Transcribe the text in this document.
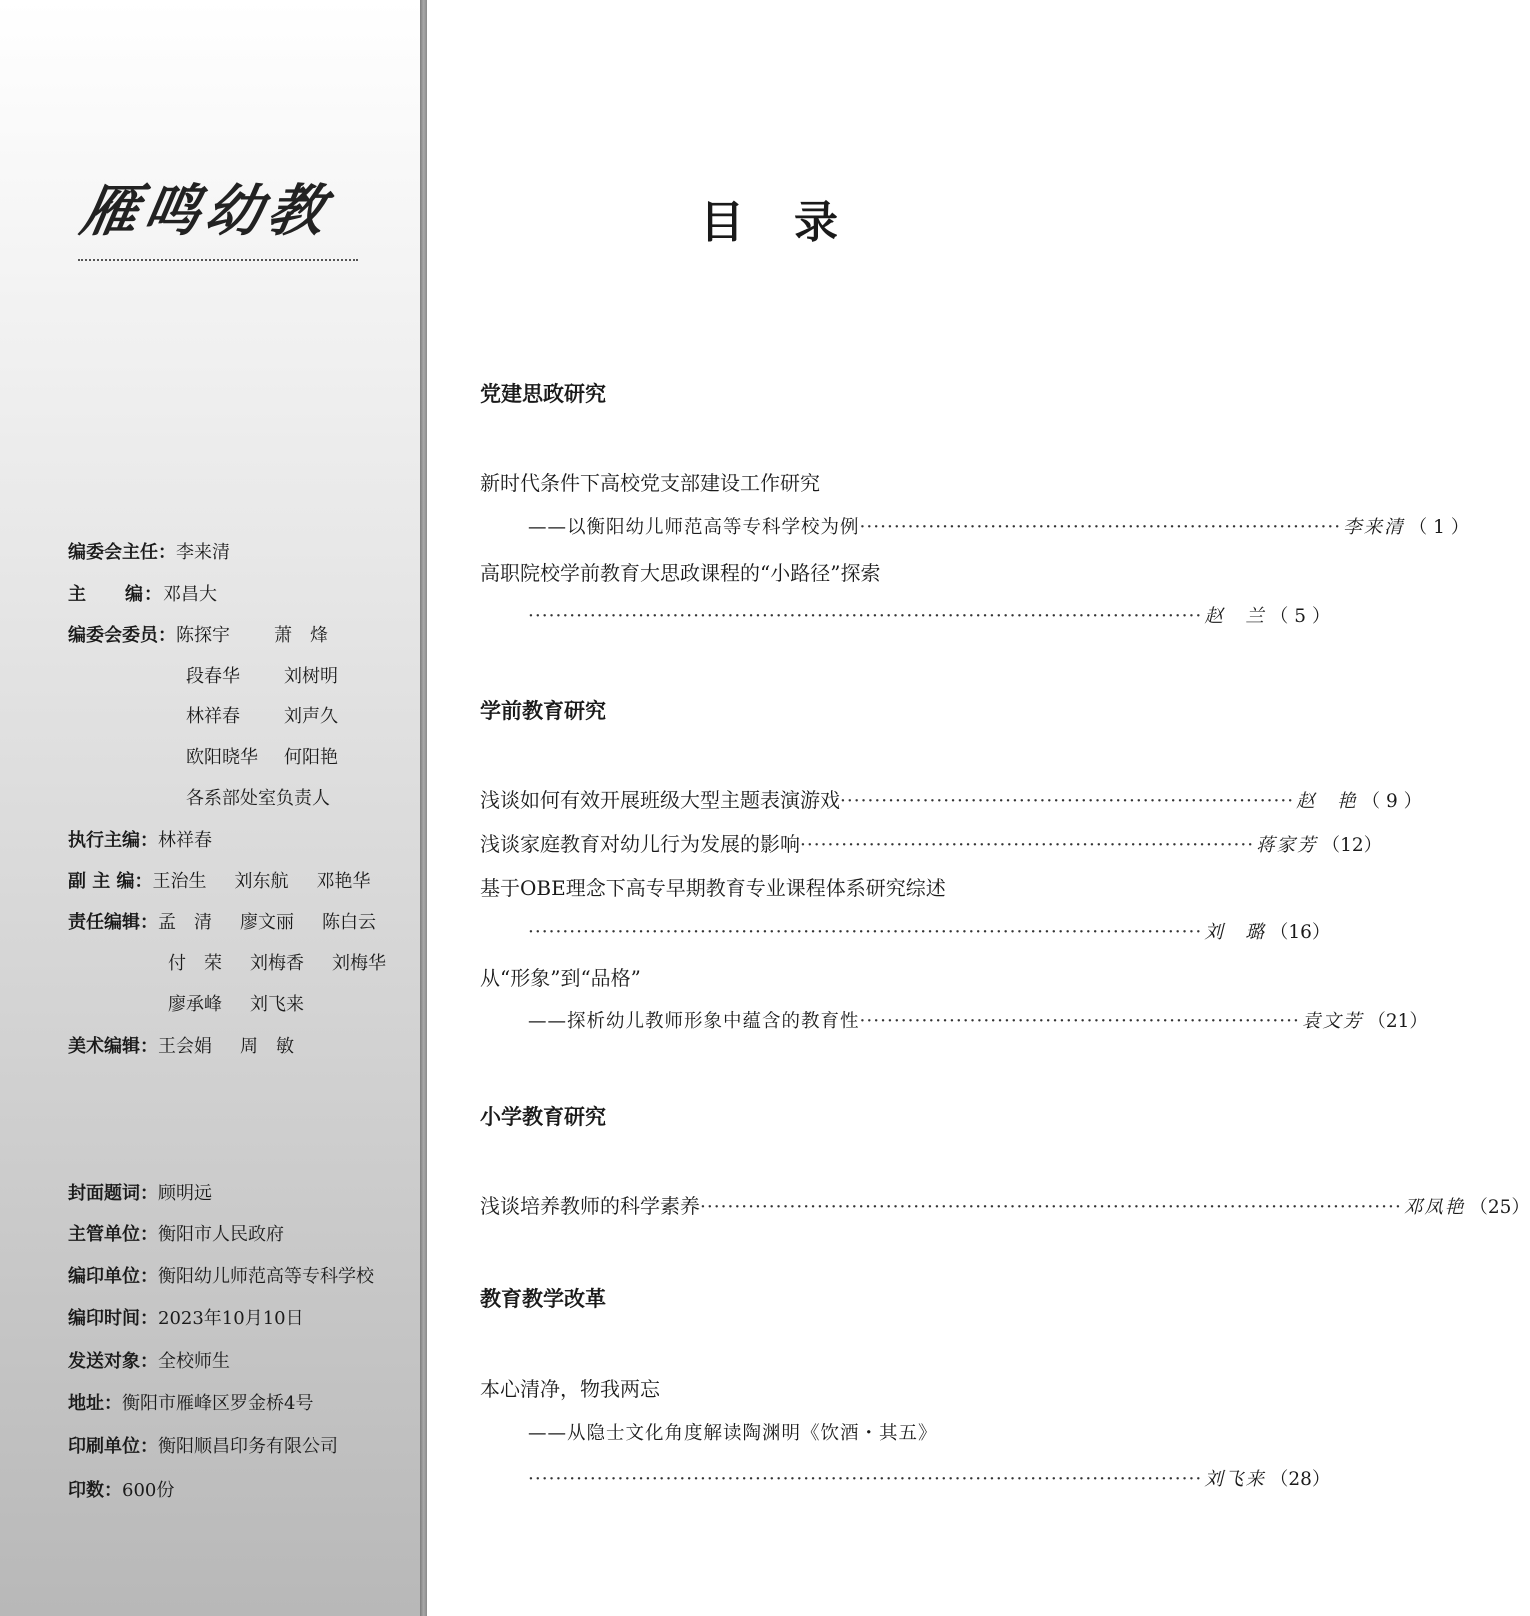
雁鸣幼教
编委会主任：李来清
主　　编：邓昌大
编委会委员：陈探宇 萧　烽
段春华 刘树明
林祥春 刘声久
欧阳晓华 何阳艳
各系部处室负责人
执行主编：林祥春
副 主 编：王治生 刘东航 邓艳华
责任编辑：孟　清 廖文丽 陈白云
付　荣 刘梅香 刘梅华
廖承峰 刘飞来
美术编辑：王会娟 周　敏
封面题词：顾明远
主管单位：衡阳市人民政府
编印单位：衡阳幼儿师范高等专科学校
编印时间：2023年10月10日
发送对象：全校师生
地址：衡阳市雁峰区罗金桥4号
印刷单位：衡阳顺昌印务有限公司
印数：600份
目录
党建思政研究
新时代条件下高校党支部建设工作研究
——以衡阳幼儿师范高等专科学校为例 ······································································ 李来清 （ 1 ）
高职院校学前教育大思政课程的“小路径”探索
·································································································· 赵　兰 （ 5 ）
学前教育研究
浅谈如何有效开展班级大型主题表演游戏 ·································································· 赵　艳 （ 9 ）
浅谈家庭教育对幼儿行为发展的影响 ·································································· 蒋家芳 （12）
基于OBE理念下高专早期教育专业课程体系研究综述
·································································································· 刘　璐 （16）
从“形象”到“品格”
——探析幼儿教师形象中蕴含的教育性 ································································ 袁文芳 （21）
小学教育研究
浅谈培养教师的科学素养 ······································································································ 邓凤艳 （25）
教育教学改革
本心清净，物我两忘
——从隐士文化角度解读陶渊明《饮酒・其五》
·································································································· 刘飞来 （28）
